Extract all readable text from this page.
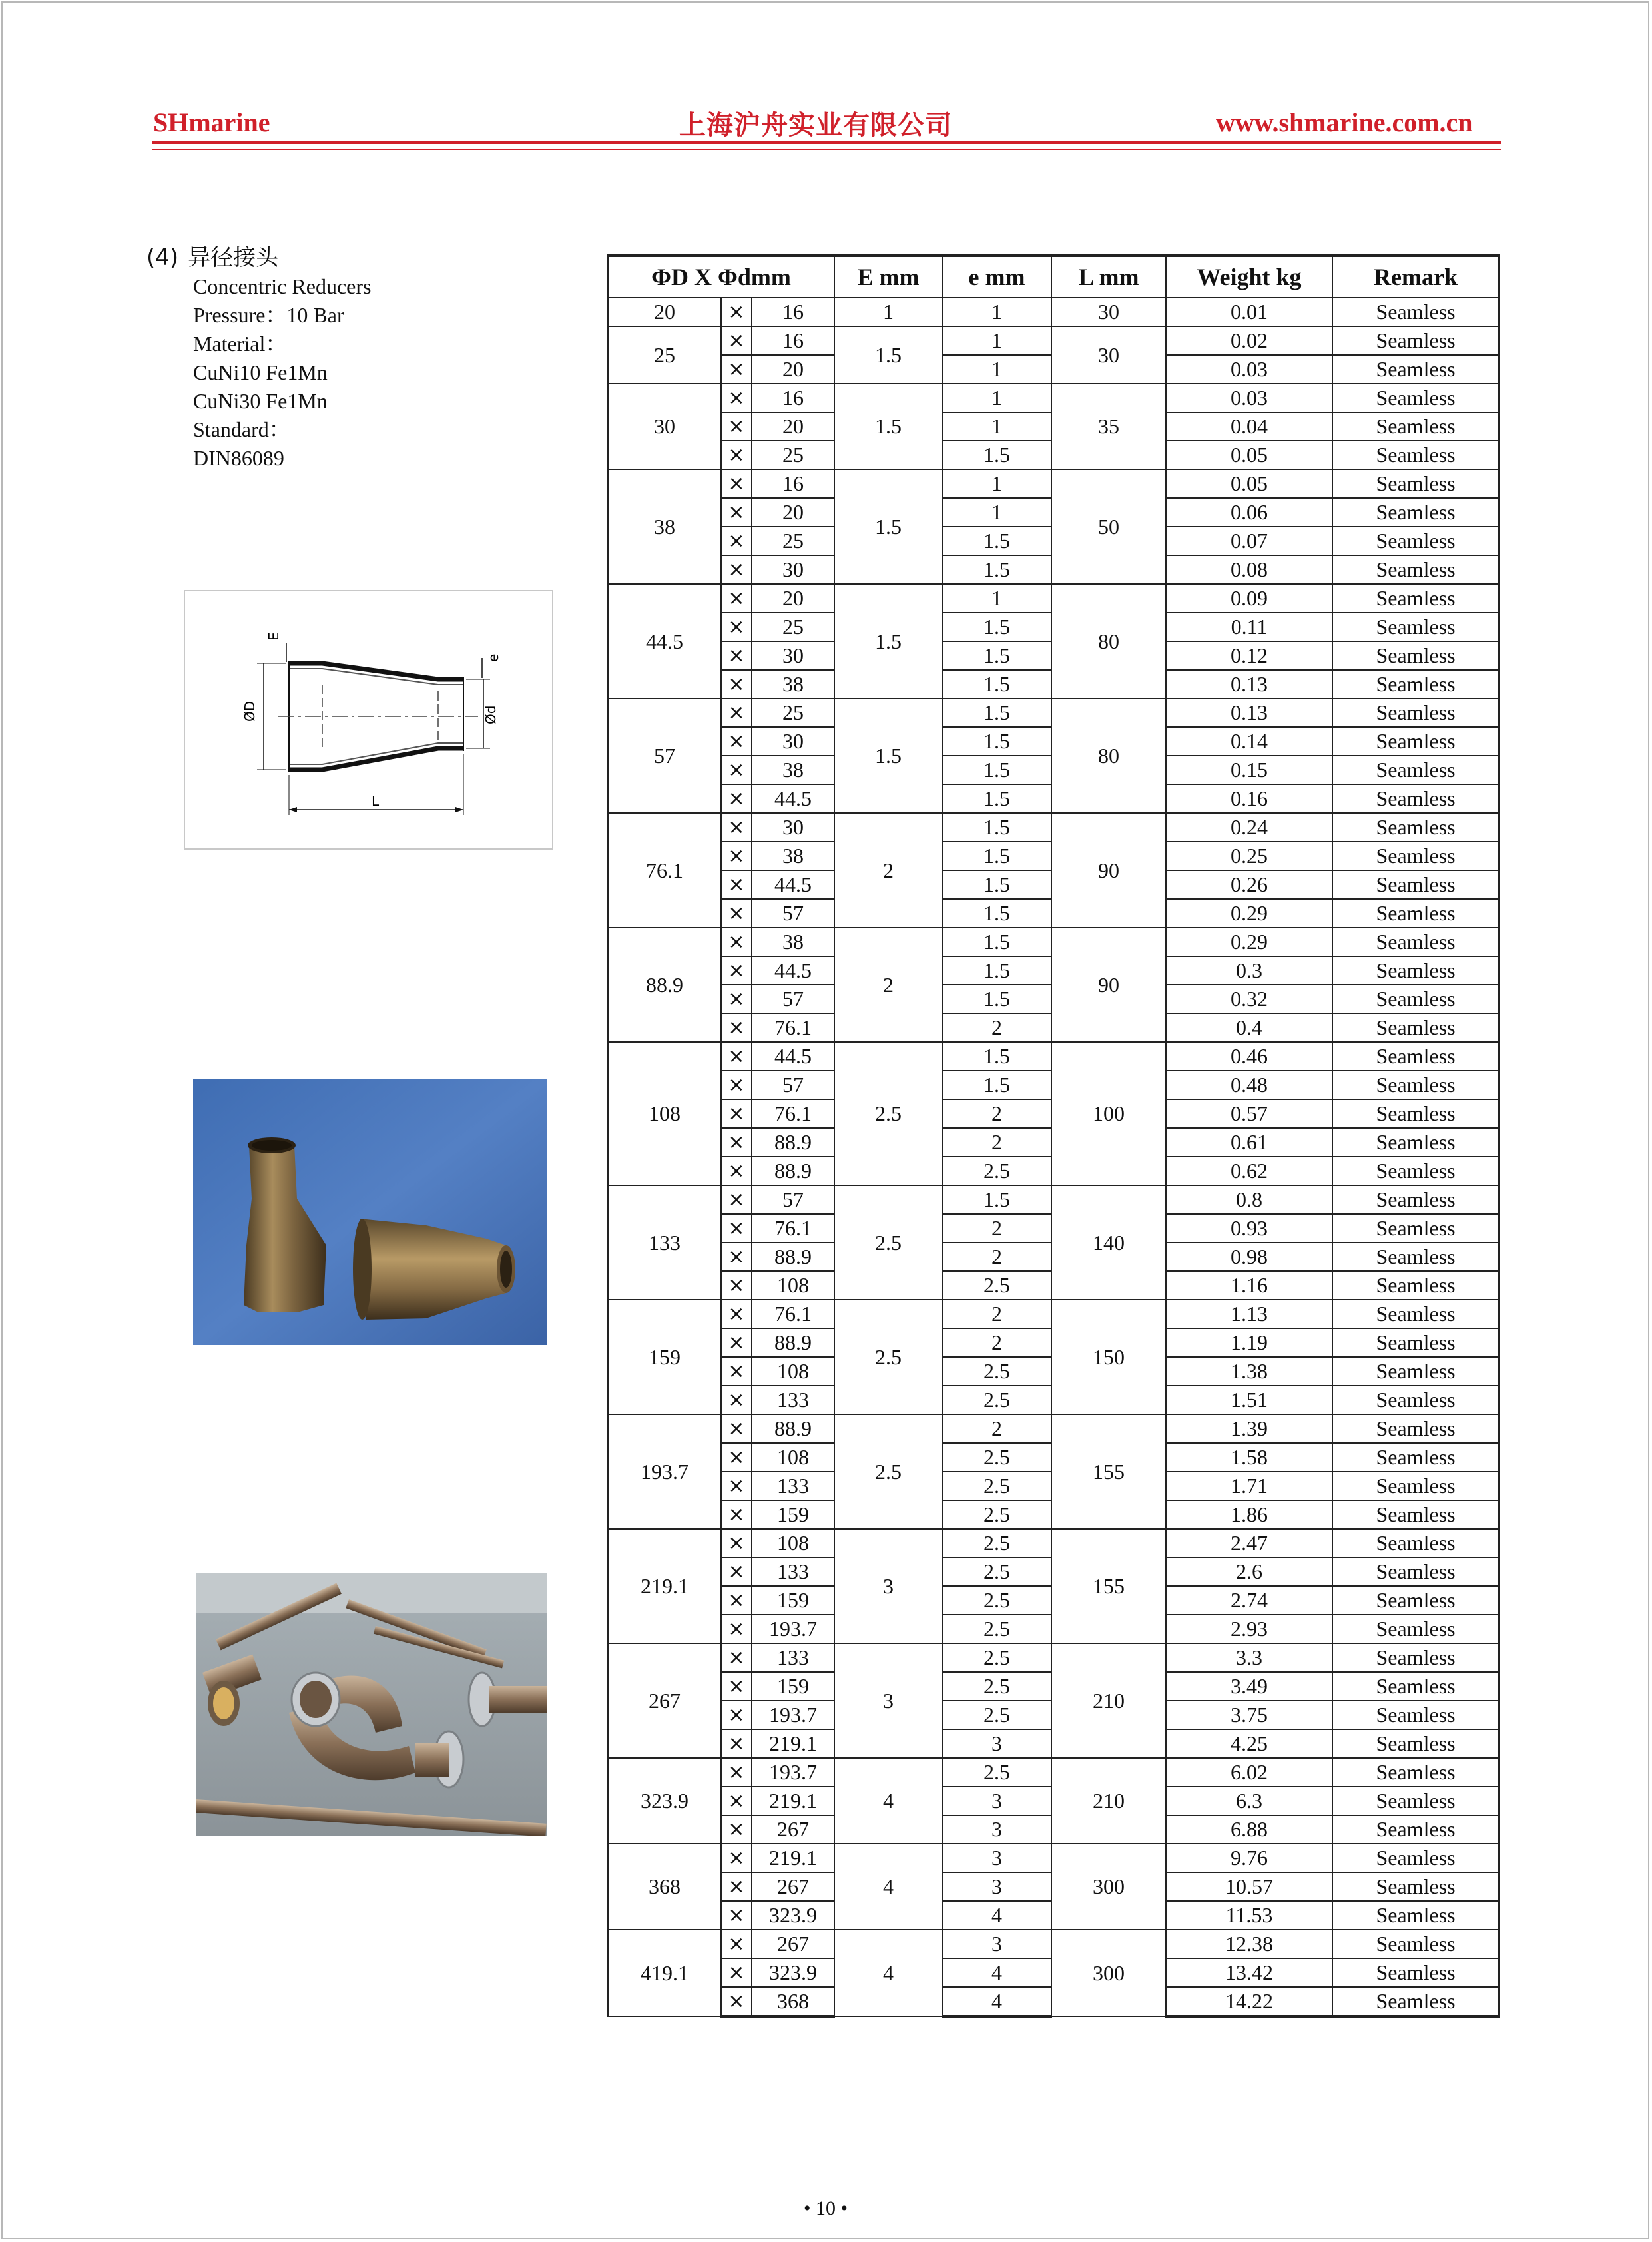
SHmarine	上海沪舟实业有限公司	www.shmarine.com.cn
(4) 异径接头
Concentric Reducers
Pressure：10 Bar
Material：
CuNi10 Fe1Mn
CuNi30 Fe1Mn
Standard：
DIN86089
ØD
E
Ød
e
L
ΦD X Φdmm			E mm	e mm	L mm	Weight kg	Remark
20	×	16	1	1	30	0.01	Seamless
25	×	16	1.5	1	30	0.02	Seamless
	×	20		1		0.03	Seamless
30	×	16	1.5	1	35	0.03	Seamless
	×	20		1		0.04	Seamless
	×	25		1.5		0.05	Seamless
38	×	16	1.5	1	50	0.05	Seamless
	×	20		1		0.06	Seamless
	×	25		1.5		0.07	Seamless
	×	30		1.5		0.08	Seamless
44.5	×	20	1.5	1	80	0.09	Seamless
	×	25		1.5		0.11	Seamless
	×	30		1.5		0.12	Seamless
	×	38		1.5		0.13	Seamless
57	×	25	1.5	1.5	80	0.13	Seamless
	×	30		1.5		0.14	Seamless
	×	38		1.5		0.15	Seamless
	×	44.5		1.5		0.16	Seamless
76.1	×	30	2	1.5	90	0.24	Seamless
	×	38		1.5		0.25	Seamless
	×	44.5		1.5		0.26	Seamless
	×	57		1.5		0.29	Seamless
88.9	×	38	2	1.5	90	0.29	Seamless
	×	44.5		1.5		0.3	Seamless
	×	57		1.5		0.32	Seamless
	×	76.1		2		0.4	Seamless
108	×	44.5	2.5	1.5	100	0.46	Seamless
	×	57		1.5		0.48	Seamless
	×	76.1		2		0.57	Seamless
	×	88.9		2		0.61	Seamless
	×	88.9		2.5		0.62	Seamless
133	×	57	2.5	1.5	140	0.8	Seamless
	×	76.1		2		0.93	Seamless
	×	88.9		2		0.98	Seamless
	×	108		2.5		1.16	Seamless
159	×	76.1	2.5	2	150	1.13	Seamless
	×	88.9		2		1.19	Seamless
	×	108		2.5		1.38	Seamless
	×	133		2.5		1.51	Seamless
193.7	×	88.9	2.5	2	155	1.39	Seamless
	×	108		2.5		1.58	Seamless
	×	133		2.5		1.71	Seamless
	×	159		2.5		1.86	Seamless
219.1	×	108	3	2.5	155	2.47	Seamless
	×	133		2.5		2.6	Seamless
	×	159		2.5		2.74	Seamless
	×	193.7		2.5		2.93	Seamless
267	×	133	3	2.5	210	3.3	Seamless
	×	159		2.5		3.49	Seamless
	×	193.7		2.5		3.75	Seamless
	×	219.1		3		4.25	Seamless
323.9	×	193.7	4	2.5	210	6.02	Seamless
	×	219.1		3		6.3	Seamless
	×	267		3		6.88	Seamless
368	×	219.1	4	3	300	9.76	Seamless
	×	267		3		10.57	Seamless
	×	323.9		4		11.53	Seamless
419.1	×	267	4	3	300	12.38	Seamless
	×	323.9		4		13.42	Seamless
	×	368		4		14.22	Seamless
• 10 •
